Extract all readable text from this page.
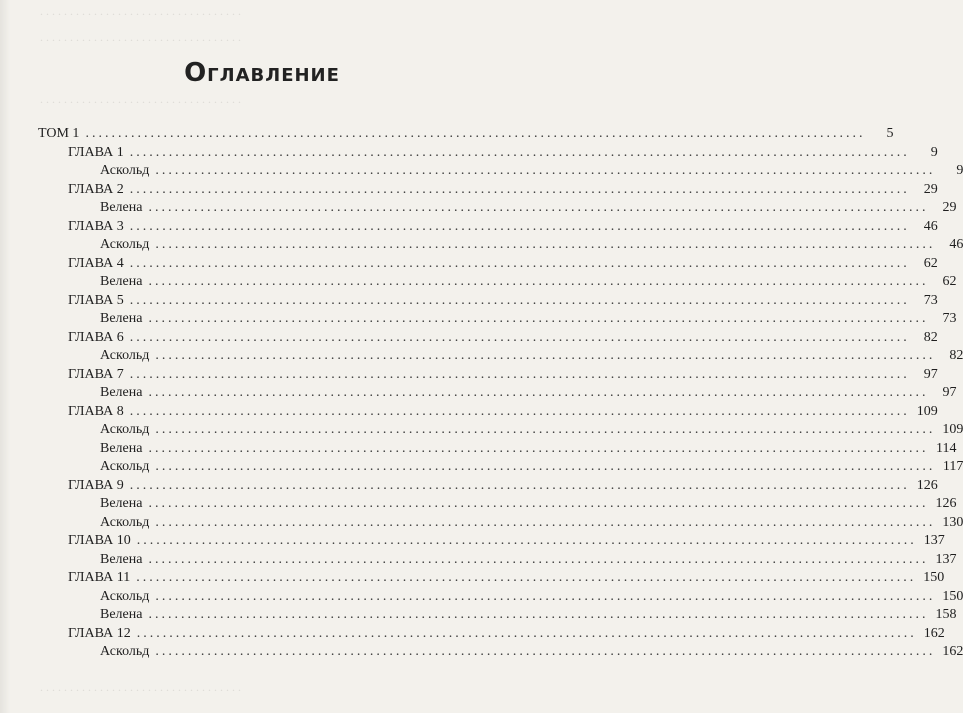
. . . . . . . . . . . . . . . . . . . . . . . . . . . . . . . . . .
. . . . . . . . . . . . . . . . . . . . . . . . . . . . . . . . . .
. . . . . . . . . . . . . . . . . . . . . . . . . . . . . . . . . .
. . . . . . . . . . . . . . . . . . . . . . . . . . . . . . . . . .
Оглавление
ТОМ 1 ........................................................................................................................	5
ГЛАВА 1 ........................................................................................................................	9
Аскольд ........................................................................................................................	9
ГЛАВА 2 ........................................................................................................................	29
Велена ........................................................................................................................	29
ГЛАВА 3 ........................................................................................................................	46
Аскольд ........................................................................................................................	46
ГЛАВА 4 ........................................................................................................................	62
Велена ........................................................................................................................	62
ГЛАВА 5 ........................................................................................................................	73
Велена ........................................................................................................................	73
ГЛАВА 6 ........................................................................................................................	82
Аскольд ........................................................................................................................	82
ГЛАВА 7 ........................................................................................................................	97
Велена ........................................................................................................................	97
ГЛАВА 8 ........................................................................................................................ 109
Аскольд ........................................................................................................................ 109
Велена ........................................................................................................................ 114
Аскольд ........................................................................................................................ 117
ГЛАВА 9 ........................................................................................................................ 126
Велена ........................................................................................................................ 126
Аскольд ........................................................................................................................ 130
ГЛАВА 10 ........................................................................................................................ 137
Велена ........................................................................................................................ 137
ГЛАВА 11 ........................................................................................................................ 150
Аскольд ........................................................................................................................ 150
Велена ........................................................................................................................ 158
ГЛАВА 12 ........................................................................................................................ 162
Аскольд ........................................................................................................................ 162
